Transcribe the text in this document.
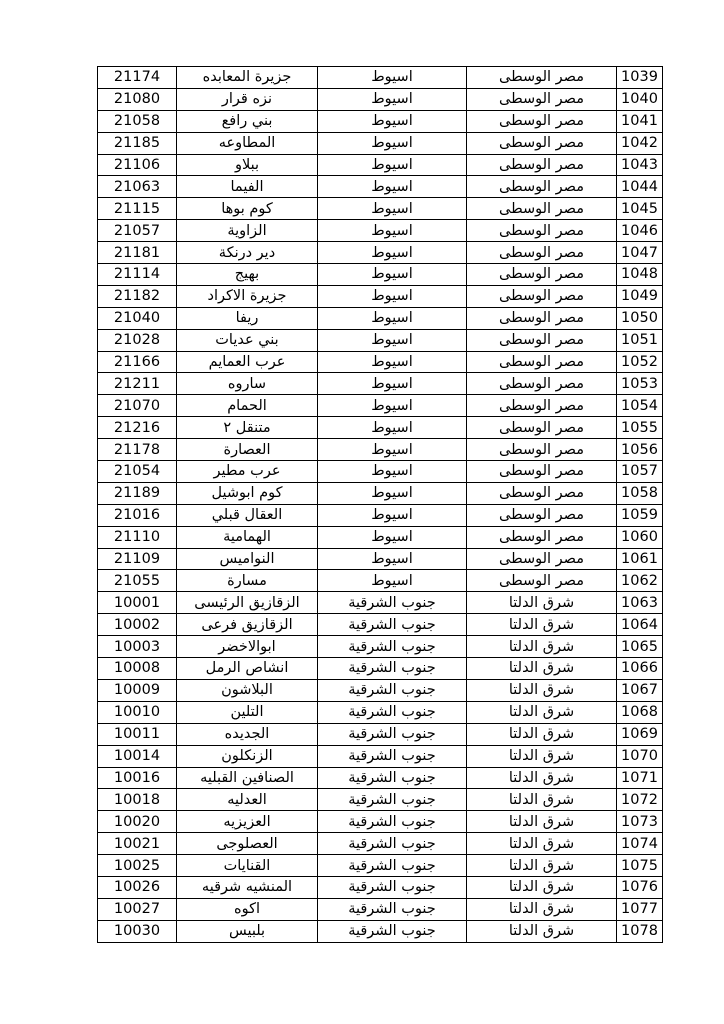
1039	مصر الوسطى	اسيوط	جزيرة المعابده	21174
1040	مصر الوسطى	اسيوط	نزه قرار	21080
1041	مصر الوسطى	اسيوط	بني رافع	21058
1042	مصر الوسطى	اسيوط	المطاوعه	21185
1043	مصر الوسطى	اسيوط	ببلاو	21106
1044	مصر الوسطى	اسيوط	الفيما	21063
1045	مصر الوسطى	اسيوط	كوم بوها	21115
1046	مصر الوسطى	اسيوط	الزاوية	21057
1047	مصر الوسطى	اسيوط	دير درنكة	21181
1048	مصر الوسطى	اسيوط	بهيج	21114
1049	مصر الوسطى	اسيوط	جزيرة الاكراد	21182
1050	مصر الوسطى	اسيوط	ريفا	21040
1051	مصر الوسطى	اسيوط	بني عديات	21028
1052	مصر الوسطى	اسيوط	عرب العمايم	21166
1053	مصر الوسطى	اسيوط	ساروه	21211
1054	مصر الوسطى	اسيوط	الحمام	21070
1055	مصر الوسطى	اسيوط	متنقل ٢	21216
1056	مصر الوسطى	اسيوط	العصارة	21178
1057	مصر الوسطى	اسيوط	عرب مطير	21054
1058	مصر الوسطى	اسيوط	كوم ابوشيل	21189
1059	مصر الوسطى	اسيوط	العقال قبلي	21016
1060	مصر الوسطى	اسيوط	الهمامية	21110
1061	مصر الوسطى	اسيوط	النواميس	21109
1062	مصر الوسطى	اسيوط	مسارة	21055
1063	شرق الدلتا	جنوب الشرقية	الزقازيق الرئيسى	10001
1064	شرق الدلتا	جنوب الشرقية	الزقازيق فرعى	10002
1065	شرق الدلتا	جنوب الشرقية	ابوالاخضر	10003
1066	شرق الدلتا	جنوب الشرقية	انشاص الرمل	10008
1067	شرق الدلتا	جنوب الشرقية	البلاشون	10009
1068	شرق الدلتا	جنوب الشرقية	التلين	10010
1069	شرق الدلتا	جنوب الشرقية	الجديده	10011
1070	شرق الدلتا	جنوب الشرقية	الزنكلون	10014
1071	شرق الدلتا	جنوب الشرقية	الصنافين القبليه	10016
1072	شرق الدلتا	جنوب الشرقية	العدليه	10018
1073	شرق الدلتا	جنوب الشرقية	العزيزيه	10020
1074	شرق الدلتا	جنوب الشرقية	العصلوجى	10021
1075	شرق الدلتا	جنوب الشرقية	القنايات	10025
1076	شرق الدلتا	جنوب الشرقية	المنشيه شرقيه	10026
1077	شرق الدلتا	جنوب الشرقية	اكوه	10027
1078	شرق الدلتا	جنوب الشرقية	بلبيس	10030
